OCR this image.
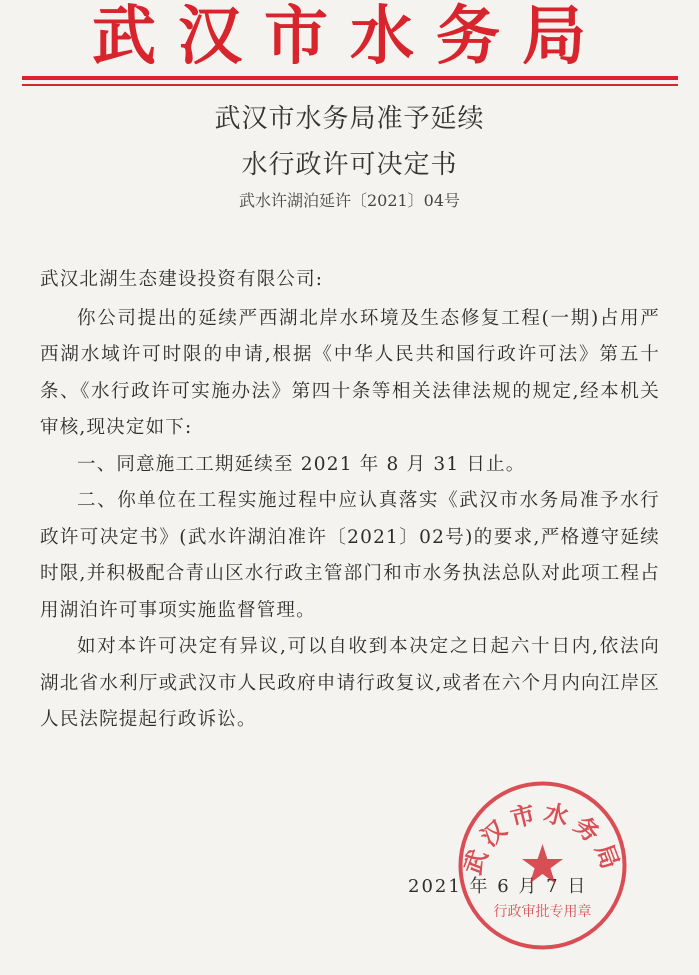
武汉市水务局
武汉市水务局准予延续
水行政许可决定书
武水许湖泊延许〔2021〕04号

武汉北湖生态建设投资有限公司:

你公司提出的延续严西湖北岸水环境及生态修复工程(一期)占用严西湖水域许可时限的申请,根据《中华人民共和国行政许可法》第五十条、《水行政许可实施办法》第四十条等相关法律法规的规定,经本机关审核,现决定如下:

一、同意施工工期延续至 2021 年 8 月 31 日止。

二、你单位在工程实施过程中应认真落实《武汉市水务局准予水行政许可决定书》(武水许湖泊准许〔2021〕02号)的要求,严格遵守延续时限,并积极配合青山区水行政主管部门和市水务执法总队对此项工程占用湖泊许可事项实施监督管理。

如对本许可决定有异议,可以自收到本决定之日起六十日内,依法向湖北省水利厅或武汉市人民政府申请行政复议,或者在六个月内向江岸区人民法院提起行政诉讼。

2021 年 6 月 7 日
武汉市水务局
行政审批专用章
